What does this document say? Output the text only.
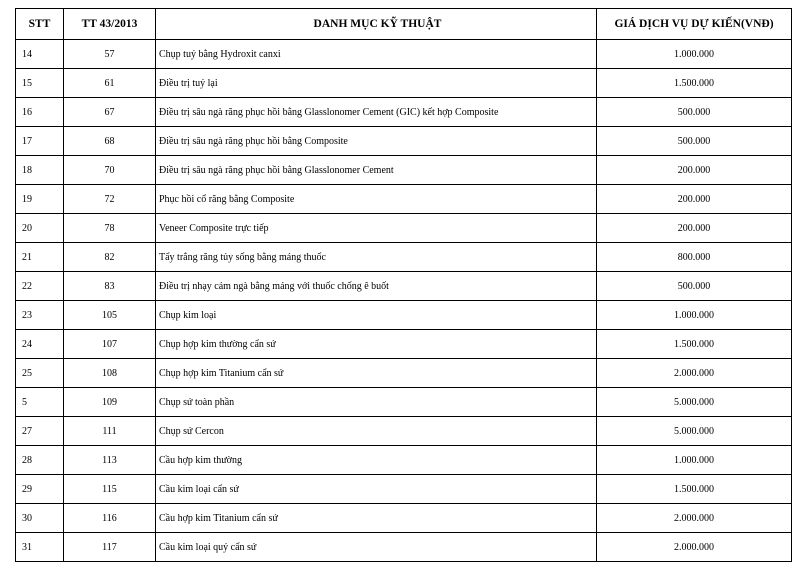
STT	TT 43/2013	DANH MỤC KỸ THUẬT	GIÁ DỊCH VỤ DỰ KIẾN(VNĐ)
14	57	Chụp tuỷ bằng Hydroxit canxi	1.000.000
15	61	Điều trị tuỷ lại	1.500.000
16	67	Điều trị sâu ngà răng phục hồi bằng Glasslonomer Cement (GIC) kết hợp Composite	500.000
17	68	Điều trị sâu ngà răng phục hồi bằng Composite	500.000
18	70	Điều trị sâu ngà răng phục hồi bằng Glasslonomer Cement	200.000
19	72	Phục hồi cổ răng bằng Composite	200.000
20	78	Veneer Composite trực tiếp	200.000
21	82	Tẩy trắng răng tủy sống bằng máng thuốc	800.000
22	83	Điều trị nhạy cảm ngà bằng máng với thuốc chống ê buốt	500.000
23	105	Chụp kim loại	1.000.000
24	107	Chụp hợp kim thường cẩn sứ	1.500.000
25	108	Chụp hợp kim Titanium cẩn sứ	2.000.000
5	109	Chụp sứ toàn phần	5.000.000
27	111	Chụp sứ Cercon	5.000.000
28	113	Cầu hợp kim thường	1.000.000
29	115	Cầu kim loại cẩn sứ	1.500.000
30	116	Cầu hợp kim Titanium cẩn sứ	2.000.000
31	117	Cầu kim loại quý cẩn sứ	2.000.000
